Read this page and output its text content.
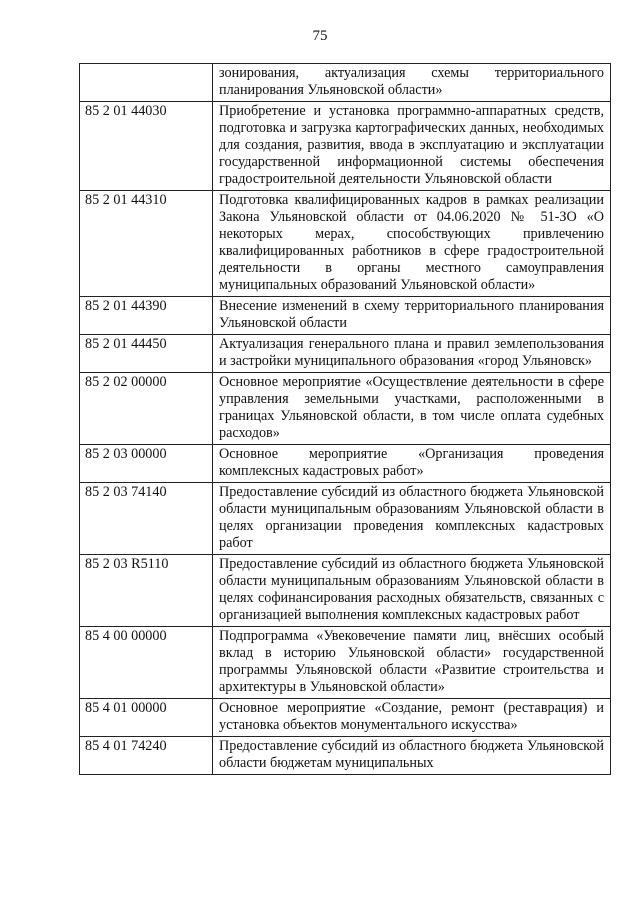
75
	зонирования, актуализация схемы территориального планирования Ульяновской области»
85 2 01 44030	Приобретение и установка программно-аппаратных средств, подготовка и загрузка картографических данных, необходимых для создания, развития, ввода в эксплуатацию и эксплуатации государственной информационной системы обеспечения градостроительной деятельности Ульяновской области
85 2 01 44310	Подготовка квалифицированных кадров в рамках реализации Закона Ульяновской области от 04.06.2020 № 51-ЗО «О некоторых мерах, способствующих привлечению квалифицированных работников в сфере градостроительной деятельности в органы местного самоуправления муниципальных образований Ульяновской области»
85 2 01 44390	Внесение изменений в схему территориального планирования Ульяновской области
85 2 01 44450	Актуализация генерального плана и правил землепользования и застройки муниципального образования «город Ульяновск»
85 2 02 00000	Основное мероприятие «Осуществление деятельности в сфере управления земельными участками, расположенными в границах Ульяновской области, в том числе оплата судебных расходов»
85 2 03 00000	Основное мероприятие «Организация проведения комплексных кадастровых работ»
85 2 03 74140	Предоставление субсидий из областного бюджета Ульяновской области муниципальным образованиям Ульяновской области в целях организации проведения комплексных кадастровых работ
85 2 03 R5110	Предоставление субсидий из областного бюджета Ульяновской области муниципальным образованиям Ульяновской области в целях софинансирования расходных обязательств, связанных с организацией выполнения комплексных кадастровых работ
85 4 00 00000	Подпрограмма «Увековечение памяти лиц, внёсших особый вклад в историю Ульяновской области» государственной программы Ульяновской области «Развитие строительства и архитектуры в Ульяновской области»
85 4 01 00000	Основное мероприятие «Создание, ремонт (реставрация) и установка объектов монументального искусства»
85 4 01 74240	Предоставление субсидий из областного бюджета Ульяновской области бюджетам муниципальных
